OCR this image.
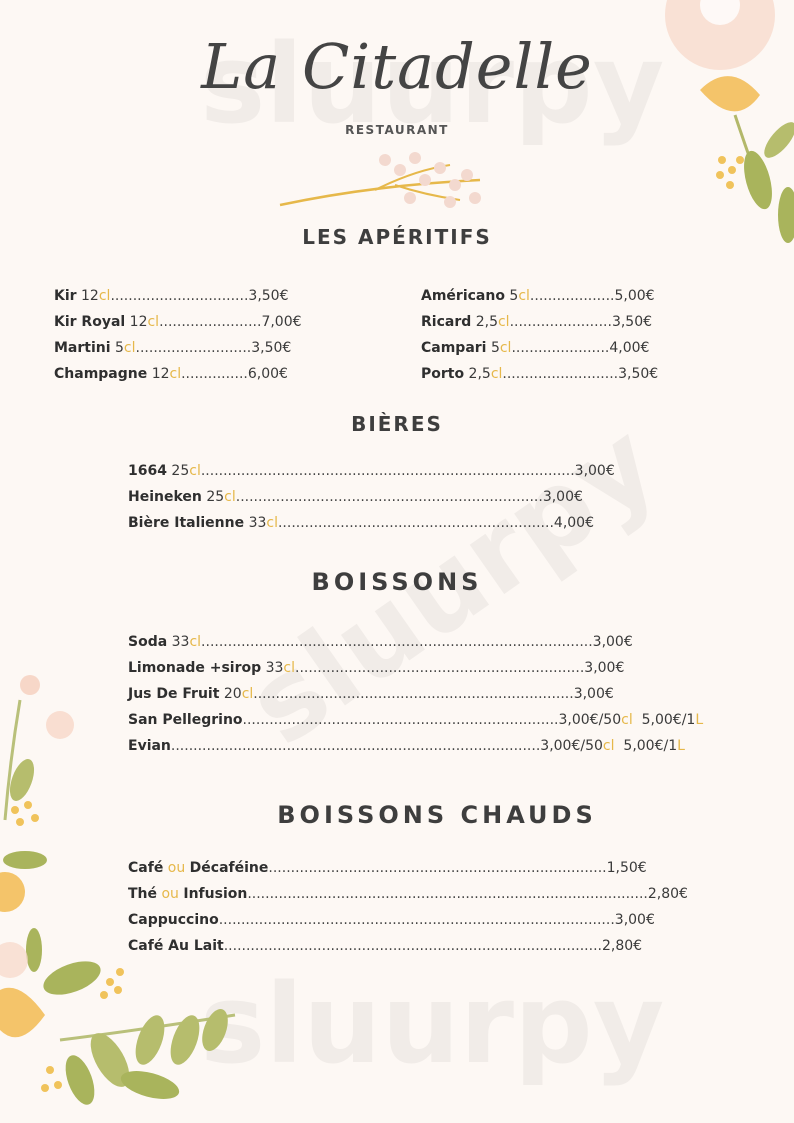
La Citadelle
RESTAURANT
LES APÉRITIFS
Kir 12cl...............................3,50€
Kir Royal 12cl.......................7,00€
Martini 5cl..........................3,50€
Champagne 12cl...............6,00€
Américano 5cl...................5,00€
Ricard 2,5cl.......................3,50€
Campari 5cl......................4,00€
Porto 2,5cl..........................3,50€
BIÈRES
1664 25cl....................................................................................3,00€
Heineken 25cl.....................................................................3,00€
Bière Italienne 33cl..............................................................4,00€
BOISSONS
Soda 33cl........................................................................................3,00€
Limonade +sirop 33cl.................................................................3,00€
Jus De Fruit 20cl........................................................................3,00€
San Pellegrino.......................................................................3,00€/50cl 5,00€/1L
Evian...................................................................................3,00€/50cl 5,00€/1L
BOISSONS CHAUDS
Café ou Décaféine............................................................................1,50€
Thé ou Infusion..........................................................................................2,80€
Cappuccino.........................................................................................3,00€
Café Au Lait.....................................................................................2,80€
